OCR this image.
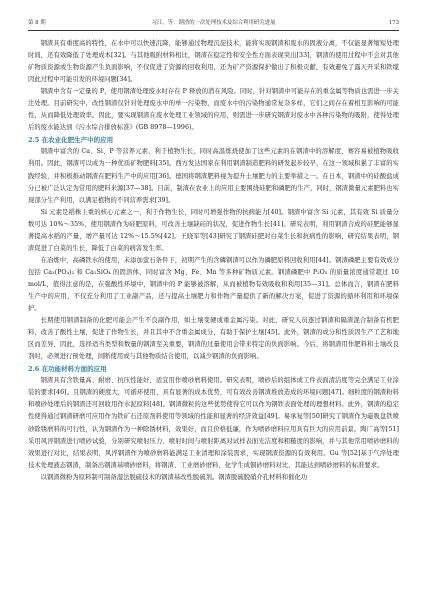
第 8 期	习江，等：钢渣的一次处理技术及综合利用研究进展	173

钢渣具有重度高的特性，在水中可以快速沉降，能够通过物理沉淀技术，能将实现钢渣和废水的固液分离，不仅能显著缩短处理时间，还有效降低了处理成本[32]。与其他吸附材料相比，钢渣在稳定性和安全性方面表现突出[33]，钢渣的使用过程中不会对其他矿物质资源或生物资源产生负面影响，不仅促进了资源的回收利用，还为矿产资源保护做出了积极贡献，有效避免了露天开采和铁缆因此过程中可能引发的环境问题[34]。

钢渣中含有一定量的 P，使用钢渣处理废水时存在 P 释放的潜在风险。同时，针对钢渣中可能存在的重金属等物质也需进一步关注处理。目前研究中，改性钢渣仅针对处理废水中的单一污染物，而废水中的污染物通常复杂多样，它们之间存在着相互影响的可能性，从而降低处理效率。因此，要实现钢渣在废水处理工业领域的应用，则需进一步研究钢渣对废水中各种污染物的吸附，使得处理后的废水能达到《污水综合排放标准》(GB 8978—1996)。

2.5 在农业化肥生产中的应用

钢渣中富含的 Ca、Si、P 等营养元素，利于植物生长，同时高温炼烧使加了这些元素的在钢渣中的溶解度，赛容易被植物吸收利用。因此，钢渣可以成为一种优质矿物肥料[35]。西方发达国家在利用钢渣制造肥料的研发起步较早，在这一领域积累了丰富的实践经验，并积极推动钢渣在肥料生产中的应用[36]。德国将钢渣肥料视为提升土壤肥力的主要举措之一。在日本，钢渣中的硅酸盐成分已被广泛认定为常用的肥料来源[37—38]。目前，制渣在农业上的应用主要围绕硅肥和磷肥的生产，同时，钢渣微量元素肥料也实现部分生产利用，以满足植物的不同营养需求[39]。

Si 元素是稻株上重的核心元素之一，利于作物生长，同时可增强作物的抗病能力[40]。钢渣中富含 Si 元素，其有效 Si 质量分数可达 10%～35%，使用钢渣作为硅肥原料，可改善土壤缺硅的状况，促进作物生长[41]。研究表明，利用钢渣合成的硅肥能够显著提高水稻的产量，增产量可达 12%～15.5%[42]。王晓军等[43]研究了钢渣硅肥对白菜生长和抗病性的影响，研究结果表明，钢渣促进了白菜的生长，降低了白菜的病害发生率。

在冶炼中，高磷铁水的使用，未添加萤石条件下，初期产生的含磷钢渣可以作为磷肥原料回收利用[44]。钢渣磷肥主要有效成分包括 Ca₃(PO₄)₂ 和 Ca₂SiO₄ 的固溶体，同时富含 Mg、Fe、Mn 等多种矿物质元素。钢渣磷肥中 P₂O₅ 的质量浓度通常超过 10 mol/L，值得注意的是，在强酸性环境中，钢渣中的 P 能够被溶解，从而被植物有效吸收和利用[35—31]。总体而言，钢渣在肥料生产中的应用，不仅充分利用了工业副产品，还与提高土壤肥力和作物产量提供了新的解决方案，促进了资源的循环利用和环境保护。

长期使用钢渣制备的化肥可能会产生不良副作用，如土壤变硬或重金属污染。对此，研究人员逐过钢渣和隔渣混合制备有机肥料，改善了酸性土壤，促进了作物生长，并且其中不含重金属成分，有助于保护土壤[45]。此外，钢渣的成分和性质因生产工艺和地区而差异，因此，选择适当类型和数量的钢渣至关重要，钢渣的过量使用会带来特定的负面影响。今后，将钢渣用作肥料和土壤改良剂时，必须进行预处理，间断使用或与其他物质结合使用，以减少钢渣的负面影响。

2.6 在功能材料方面的应用

钢渣具有含铁量高、耐磨、抗压性能好，适宜用作喷砂磨料使用。研究表明，喷砂后的组体或工件表面清洁度等完全满足工业涂装的要求[46]。且钢渣的硬度大，可循环使用，具有显著的成本优势，可有效改善钢渣堆放造成的环境问题[47]。细粒度的钢渣粉料和喷砂处理后的钢渣还可回收用作水泥原料[48]。钢渣微粒的这些优势使得它可以作为钢铁表面处理的理想材料。此外，钢渣的稳定性使得通过钢渣研磨可应用作为铁矿石还原剂料使用等领域的性能和显著的经济效益[49]。易承复等[50]研究了钢渣作为磁吸盘铁喷砂除锈磨料的可行性，认为钢渣作为一种除锈材料，效果好，而且价格低廉，作为喷砂磨料应用具有巨大的应用前景。陶广高等[51]采用风淬钢渣进行喷砂试验，分别研究喷射压力、喷射时间与喷射距离对试样表面光洁度和粗糙度的影响，并与其他常用喷砂磨料的效果进行对比，结果表明，风淬钢渣作为喷砂磨料能满足工业清理和涂装需求，实现钢渣资源的有效利用。Gu 等[52]基于气淬处理技术处理液态钢渣，制备出钢渣基喷砂磨料，将钢渣、工业磨砂磨料、化学生成铜砂磨料对比，其能达到喷砂磨料的标准要求。

以钢渣微粉为原料制可制备湿法脱硫技术的钢渣基改性脱硫剂。钢渣脱硫脱硝介孔材料和催化功
